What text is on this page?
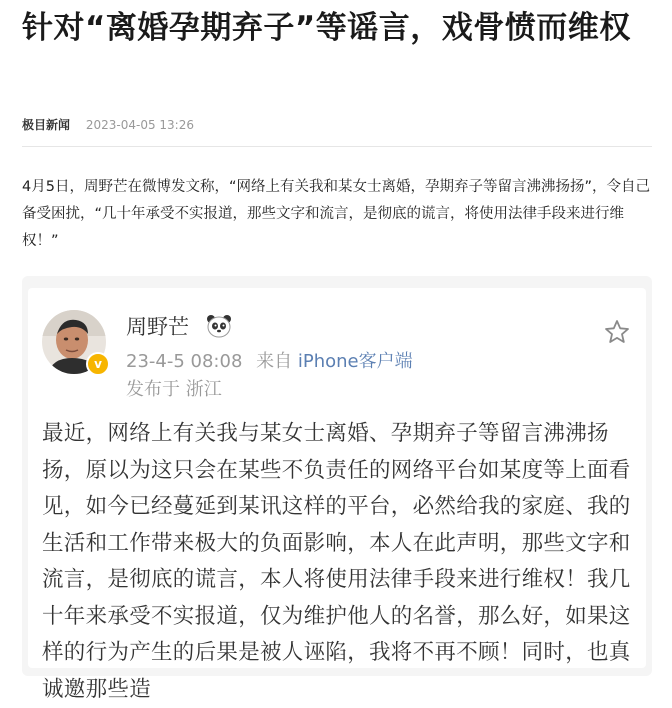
针对“离婚孕期弃子”等谣言，戏骨愤而维权
极目新闻 2023-04-05 13:26

4月5日，周野芒在微博发文称，“网络上有关我和某女士离婚，孕期弃子等留言沸沸扬扬”，令自己备受困扰，“几十年承受不实报道，那些文字和流言，是彻底的谎言，将使用法律手段来进行维权！”

v
周野芒
23-4-5 08:08 来自 iPhone客户端
发布于 浙江

最近，网络上有关我与某女士离婚、孕期弃子等留言沸沸扬扬，原以为这只会在某些不负责任的网络平台如某度等上面看见，如今已经蔓延到某讯这样的平台，必然给我的家庭、我的生活和工作带来极大的负面影响，本人在此声明，那些文字和流言，是彻底的谎言，本人将使用法律手段来进行维权！我几十年来承受不实报道，仅为维护他人的名誉，那么好，如果这样的行为产生的后果是被人诬陷，我将不再不顾！同时，也真诚邀那些造
